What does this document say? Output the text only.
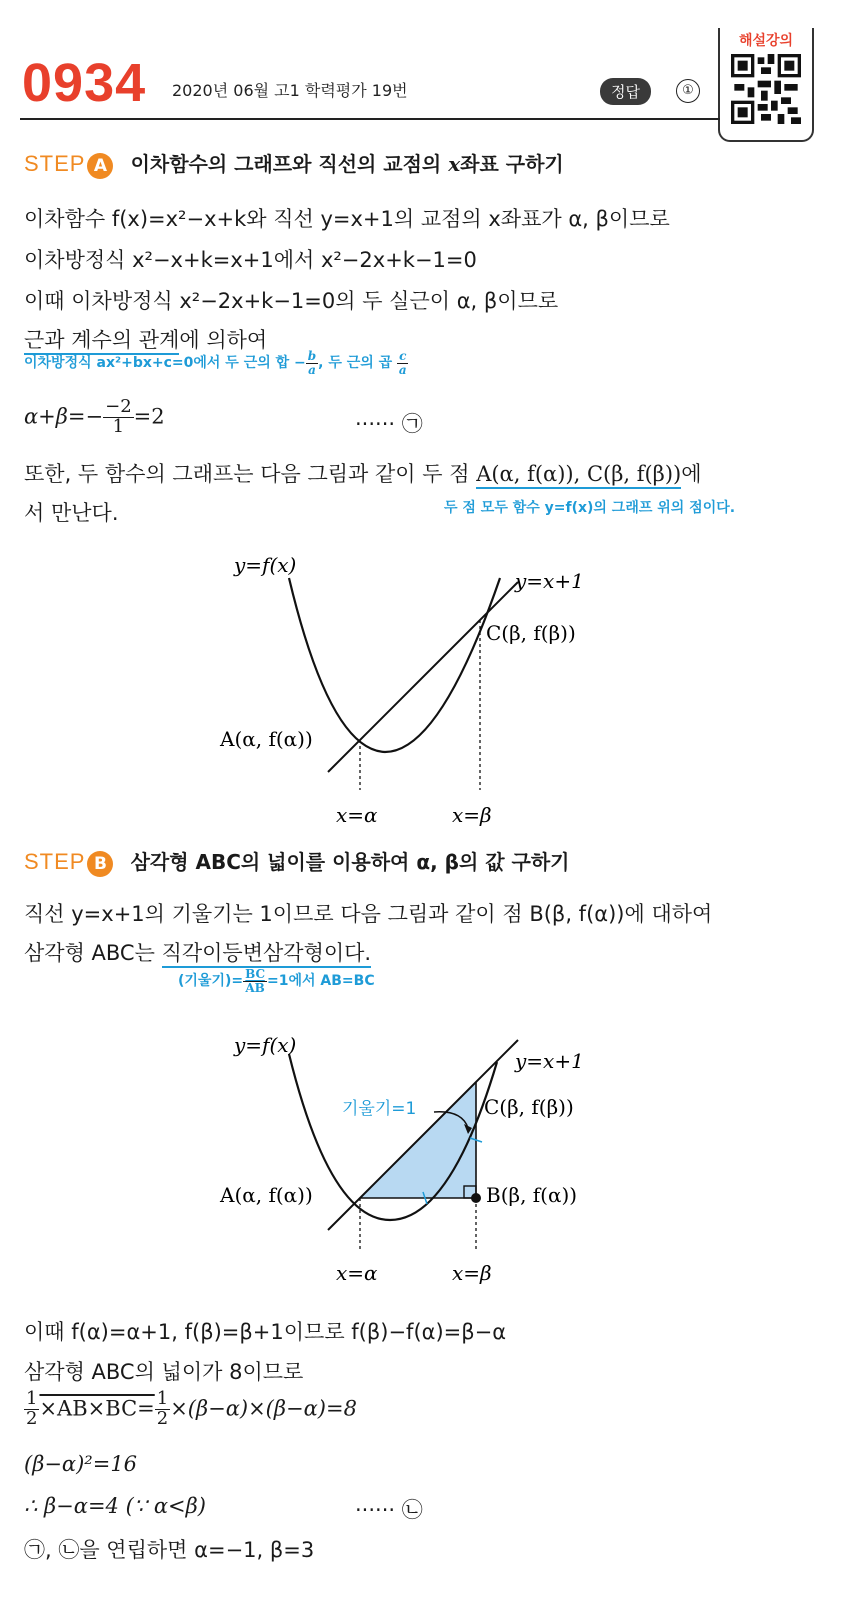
0934 2020년 06월 고1 학력평가 19번	정답	①
해설강의
STEP A 이차함수의 그래프와 직선의 교점의 x좌표 구하기
이차함수 f(x)=x²−x+k와 직선 y=x+1의 교점의 x좌표가 α, β이므로
이차방정식 x²−x+k=x+1에서 x²−2x+k−1=0
이때 이차방정식 x²−2x+k−1=0의 두 실근이 α, β이므로
근과 계수의 관계에 의하여
이차방정식 ax²+bx+c=0에서 두 근의 합 − $\frac{b}{a}$ , 두 근의 곱 $\frac{c}{a}$
$\alpha+\beta=- \frac{-2}{1} =2$	······ ㉠
또한, 두 함수의 그래프는 다음 그림과 같이 두 점 A(α, f(α)), C(β, f(β))에
서 만난다.	두 점 모두 함수 y=f(x)의 그래프 위의 점이다.
y=f(x)
y=x+1
C(β, f(β))
A(α, f(α))
x=α	x=β
STEP B 삼각형 ABC의 넓이를 이용하여 α, β의 값 구하기
직선 y=x+1의 기울기는 1이므로 다음 그림과 같이 점 B(β, f(α))에 대하여
삼각형 ABC는 직각이등변삼각형이다.
(기울기)= $\frac{\overline{BC}}{AB} =1$에서 AB=BC
y=f(x)
y=x+1
기울기=1	C(β, f(β))
A(α, f(α))	B(β, f(α))
x=α	x=β
이때 f(α)=α+1, f(β)=β+1이므로 f(β)−f(α)=β−α
삼각형 ABC의 넓이가 8이므로
$\frac{1}{2} \times AB\times BC= \frac{1}{2} \times(\beta-\alpha)\times(\beta-\alpha)=8$
(β−α)²=16
∴ β−α=4 (∵ α<β)	······ ㉡
㉠, ㉡을 연립하면 α=−1, β=3
